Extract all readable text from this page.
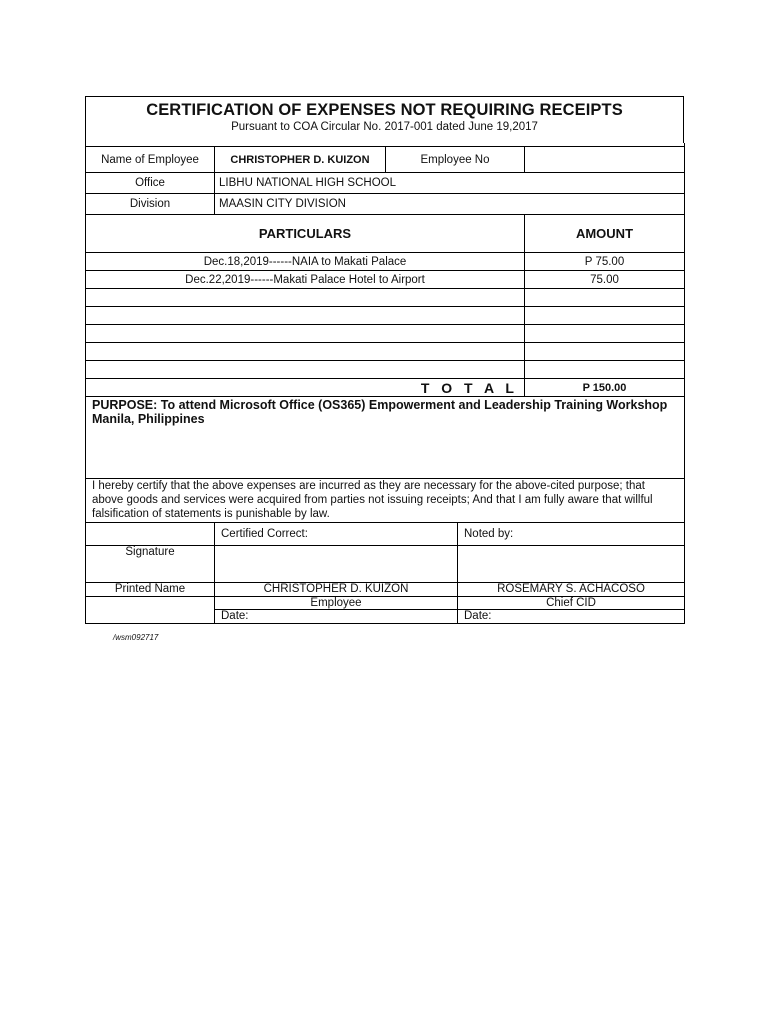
CERTIFICATION OF EXPENSES NOT REQUIRING RECEIPTS
Pursuant to COA Circular No. 2017-001 dated June 19,2017

Name of Employee	CHRISTOPHER D. KUIZON	Employee No	
Office	LIBHU NATIONAL HIGH SCHOOL		
Division	MAASIN CITY DIVISION		
PARTICULARS			AMOUNT
Dec.18,2019------NAIA to Makati Palace			P 75.00
Dec.22,2019------Makati Palace Hotel to Airport			75.00

T O T A L			P 150.00
PURPOSE: To attend Microsoft Office (OS365) Empowerment and Leadership Training Workshop Manila, Philippines			
I hereby certify that the above expenses are incurred as they are necessary for the above-cited purpose; that above goods and services were acquired from parties not issuing receipts; And that I am fully aware that willful falsification of statements is punishable by law.			
	Certified Correct:	Noted by:
Signature		
Printed Name	CHRISTOPHER D. KUIZON	ROSEMARY S. ACHACOSO
	Employee	Chief CID
	Date:	Date:
/wsm092717
